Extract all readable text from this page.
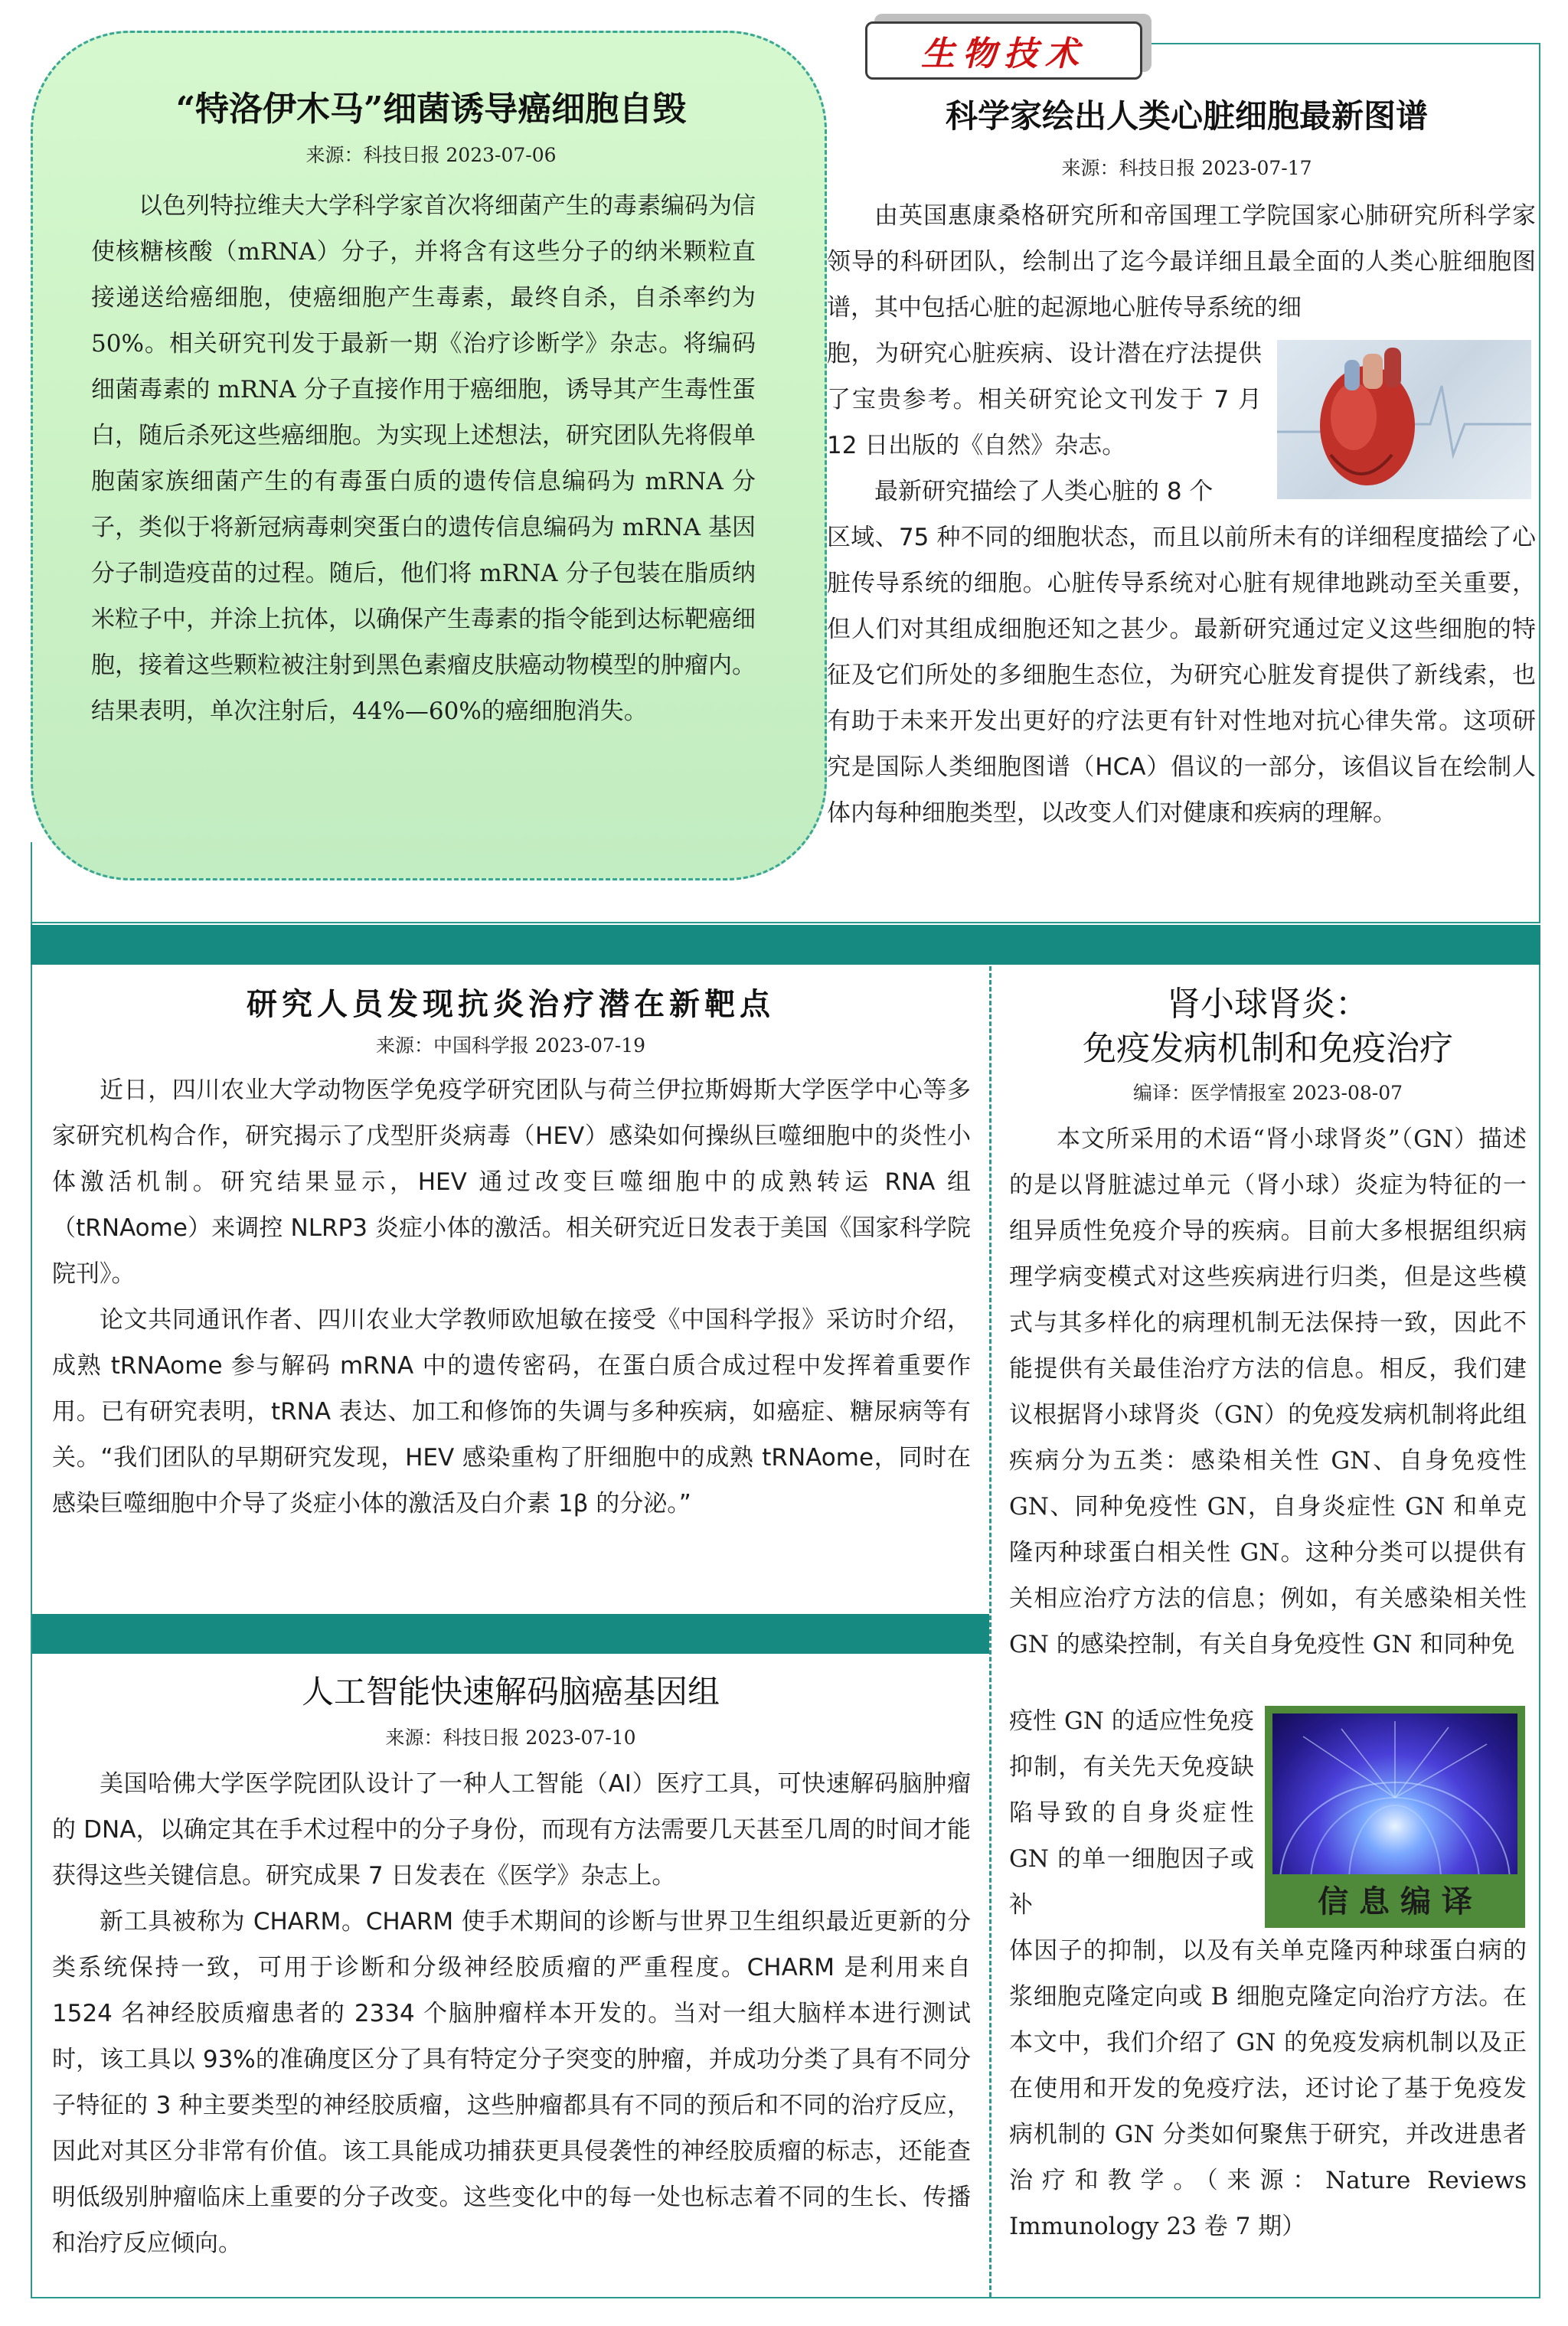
生物技术
“特洛伊木马”细菌诱导癌细胞自毁
来源：科技日报 2023-07-06

以色列特拉维夫大学科学家首次将细菌产生的毒素编码为信使核糖核酸（mRNA）分子，并将含有这些分子的纳米颗粒直接递送给癌细胞，使癌细胞产生毒素，最终自杀，自杀率约为50%。相关研究刊发于最新一期《治疗诊断学》杂志。将编码细菌毒素的 mRNA 分子直接作用于癌细胞，诱导其产生毒性蛋白，随后杀死这些癌细胞。为实现上述想法，研究团队先将假单胞菌家族细菌产生的有毒蛋白质的遗传信息编码为 mRNA 分子，类似于将新冠病毒刺突蛋白的遗传信息编码为 mRNA 基因分子制造疫苗的过程。随后，他们将 mRNA 分子包装在脂质纳米粒子中，并涂上抗体，以确保产生毒素的指令能到达标靶癌细胞，接着这些颗粒被注射到黑色素瘤皮肤癌动物模型的肿瘤内。结果表明，单次注射后，44%—60%的癌细胞消失。

科学家绘出人类心脏细胞最新图谱
来源：科技日报 2023-07-17

由英国惠康桑格研究所和帝国理工学院国家心肺研究所科学家领导的科研团队，绘制出了迄今最详细且最全面的人类心脏细胞图谱，其中包括心脏的起源地心脏传导系统的细

胞，为研究心脏疾病、设计潜在疗法提供了宝贵参考。相关研究论文刊发于 7 月 12 日出版的《自然》杂志。

最新研究描绘了人类心脏的 8 个

区域、75 种不同的细胞状态，而且以前所未有的详细程度描绘了心脏传导系统的细胞。心脏传导系统对心脏有规律地跳动至关重要，但人们对其组成细胞还知之甚少。最新研究通过定义这些细胞的特征及它们所处的多细胞生态位，为研究心脏发育提供了新线索，也有助于未来开发出更好的疗法更有针对性地对抗心律失常。这项研究是国际人类细胞图谱（HCA）倡议的一部分，该倡议旨在绘制人体内每种细胞类型，以改变人们对健康和疾病的理解。

研究人员发现抗炎治疗潜在新靶点
来源：中国科学报 2023-07-19

近日，四川农业大学动物医学免疫学研究团队与荷兰伊拉斯姆斯大学医学中心等多家研究机构合作，研究揭示了戊型肝炎病毒（HEV）感染如何操纵巨噬细胞中的炎性小体激活机制。研究结果显示，HEV 通过改变巨噬细胞中的成熟转运 RNA 组（tRNAome）来调控 NLRP3 炎症小体的激活。相关研究近日发表于美国《国家科学院院刊》。

论文共同通讯作者、四川农业大学教师欧旭敏在接受《中国科学报》采访时介绍，成熟 tRNAome 参与解码 mRNA 中的遗传密码，在蛋白质合成过程中发挥着重要作用。已有研究表明，tRNA 表达、加工和修饰的失调与多种疾病，如癌症、糖尿病等有关。“我们团队的早期研究发现，HEV 感染重构了肝细胞中的成熟 tRNAome，同时在感染巨噬细胞中介导了炎症小体的激活及白介素 1β 的分泌。”

人工智能快速解码脑癌基因组
来源：科技日报 2023-07-10

美国哈佛大学医学院团队设计了一种人工智能（AI）医疗工具，可快速解码脑肿瘤的 DNA，以确定其在手术过程中的分子身份，而现有方法需要几天甚至几周的时间才能获得这些关键信息。研究成果 7 日发表在《医学》杂志上。

新工具被称为 CHARM。CHARM 使手术期间的诊断与世界卫生组织最近更新的分类系统保持一致，可用于诊断和分级神经胶质瘤的严重程度。CHARM 是利用来自 1524 名神经胶质瘤患者的 2334 个脑肿瘤样本开发的。当对一组大脑样本进行测试时，该工具以 93%的准确度区分了具有特定分子突变的肿瘤，并成功分类了具有不同分子特征的 3 种主要类型的神经胶质瘤，这些肿瘤都具有不同的预后和不同的治疗反应，因此对其区分非常有价值。该工具能成功捕获更具侵袭性的神经胶质瘤的标志，还能查明低级别肿瘤临床上重要的分子改变。这些变化中的每一处也标志着不同的生长、传播和治疗反应倾向。

肾小球肾炎：
免疫发病机制和免疫治疗
编译：医学情报室 2023-08-07

本文所采用的术语“肾小球肾炎”（GN）描述的是以肾脏滤过单元（肾小球）炎症为特征的一组异质性免疫介导的疾病。目前大多根据组织病理学病变模式对这些疾病进行归类，但是这些模式与其多样化的病理机制无法保持一致，因此不能提供有关最佳治疗方法的信息。相反，我们建议根据肾小球肾炎（GN）的免疫发病机制将此组疾病分为五类：感染相关性 GN、自身免疫性 GN、同种免疫性 GN，自身炎症性 GN 和单克隆丙种球蛋白相关性 GN。这种分类可以提供有关相应治疗方法的信息；例如，有关感染相关性 GN 的感染控制，有关自身免疫性 GN 和同种免

疫性 GN 的适应性免疫抑制，有关先天免疫缺陷导致的自身炎症性 GN 的单一细胞因子或补

体因子的抑制，以及有关单克隆丙种球蛋白病的浆细胞克隆定向或 B 细胞克隆定向治疗方法。在本文中，我们介绍了 GN 的免疫发病机制以及正在使用和开发的免疫疗法，还讨论了基于免疫发病机制的 GN 分类如何聚焦于研究，并改进患者治疗和教学。（来源：Nature Reviews Immunology 23 卷 7 期）

信 息 编 译
